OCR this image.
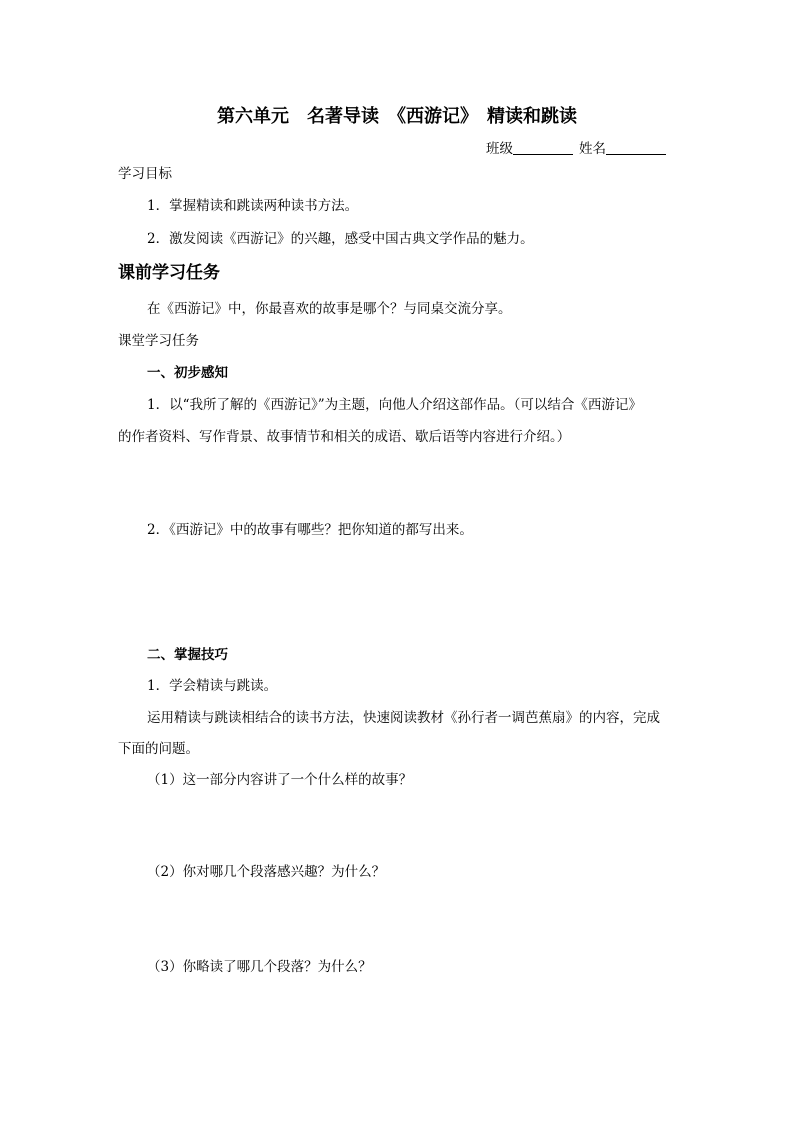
第六单元　名著导读　《西游记》　精读和跳读
班级	姓名
学习目标
1．掌握精读和跳读两种读书方法。
2．激发阅读《西游记》的兴趣，感受中国古典文学作品的魅力。
课前学习任务
在《西游记》中，你最喜欢的故事是哪个？与同桌交流分享。
课堂学习任务
一、初步感知
1．以“我所了解的《西游记》”为主题，向他人介绍这部作品。（可以结合《西游记》
的作者资料、写作背景、故事情节和相关的成语、歇后语等内容进行介绍。）
2．《西游记》中的故事有哪些？把你知道的都写出来。
二、掌握技巧
1．学会精读与跳读。
运用精读与跳读相结合的读书方法，快速阅读教材《孙行者一调芭蕉扇》的内容，完成
下面的问题。
（1）这一部分内容讲了一个什么样的故事？
（2）你对哪几个段落感兴趣？为什么？
（3）你略读了哪几个段落？为什么？
